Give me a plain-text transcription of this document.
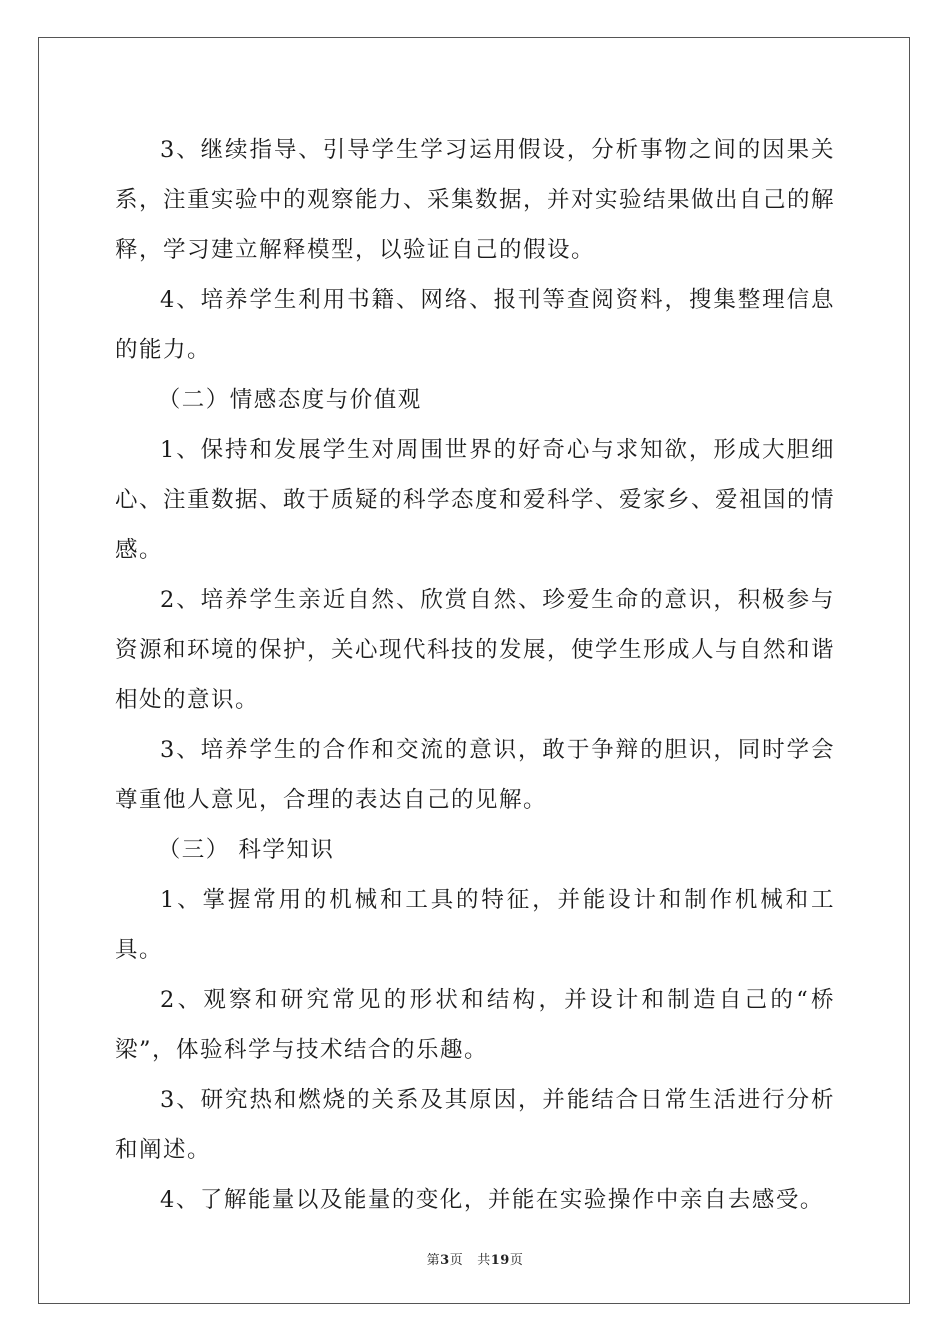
3、继续指导、引导学生学习运用假设，分析事物之间的因果关系，注重实验中的观察能力、采集数据，并对实验结果做出自己的解释，学习建立解释模型，以验证自己的假设。

4、培养学生利用书籍、网络、报刊等查阅资料，搜集整理信息的能力。

（二）情感态度与价值观

1、保持和发展学生对周围世界的好奇心与求知欲，形成大胆细心、注重数据、敢于质疑的科学态度和爱科学、爱家乡、爱祖国的情感。

2、培养学生亲近自然、欣赏自然、珍爱生命的意识，积极参与资源和环境的保护，关心现代科技的发展，使学生形成人与自然和谐相处的意识。

3、培养学生的合作和交流的意识，敢于争辩的胆识，同时学会尊重他人意见，合理的表达自己的见解。

（三） 科学知识

1、掌握常用的机械和工具的特征，并能设计和制作机械和工具。

2、观察和研究常见的形状和结构，并设计和制造自己的“桥梁”，体验科学与技术结合的乐趣。

3、研究热和燃烧的关系及其原因，并能结合日常生活进行分析和阐述。

4、了解能量以及能量的变化，并能在实验操作中亲自去感受。

第3页 共19页
